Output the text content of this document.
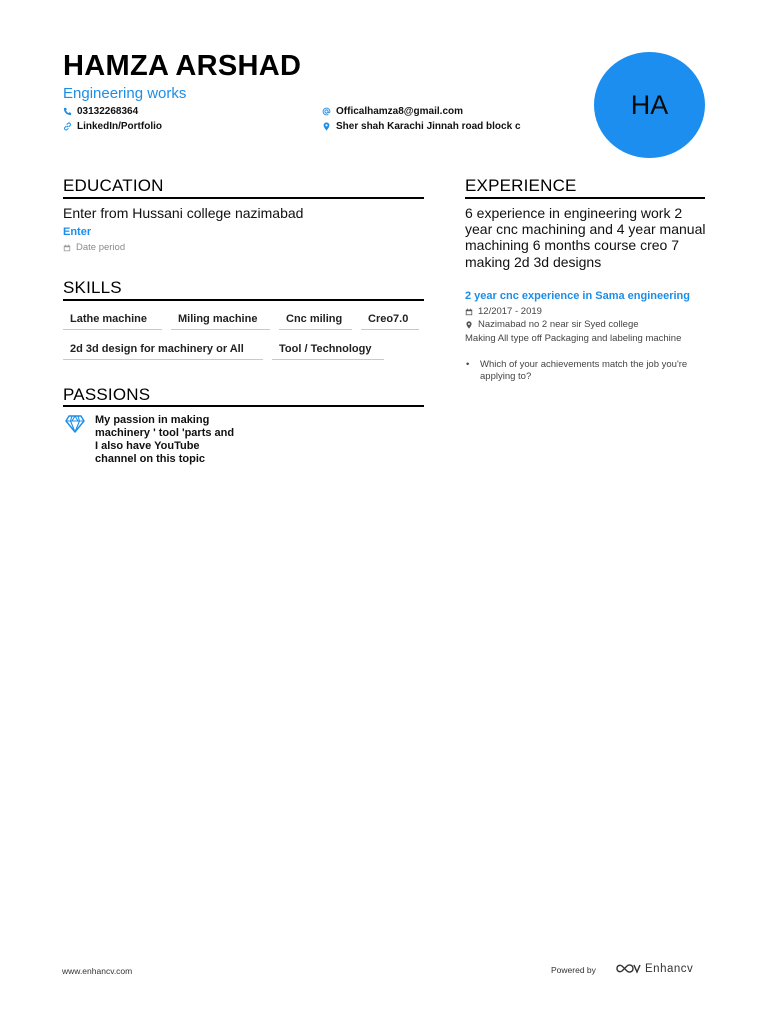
HAMZA ARSHAD
Engineering works
03132268364
LinkedIn/Portfolio
Officalhamza8@gmail.com
Sher shah Karachi Jinnah road block c
HA
EDUCATION
Enter from Hussani college nazimabad
Enter
Date period
SKILLS
Lathe machine	Miling machine	Cnc miling	Creo7.0
2d 3d design for machinery or All	Tool / Technology
PASSIONS
My passion in making machinery ' tool 'parts and I also have YouTube channel on this topic
EXPERIENCE
6 experience in engineering work 2 year cnc machining and 4 year manual machining 6 months course creo 7 making 2d 3d designs
2 year cnc experience in Sama engineering
12/2017 - 2019
Nazimabad no 2 near sir Syed college
Making All type off Packaging and labeling machine
•	Which of your achievements match the job you're applying to?
www.enhancv.com	Powered by	Enhancv
